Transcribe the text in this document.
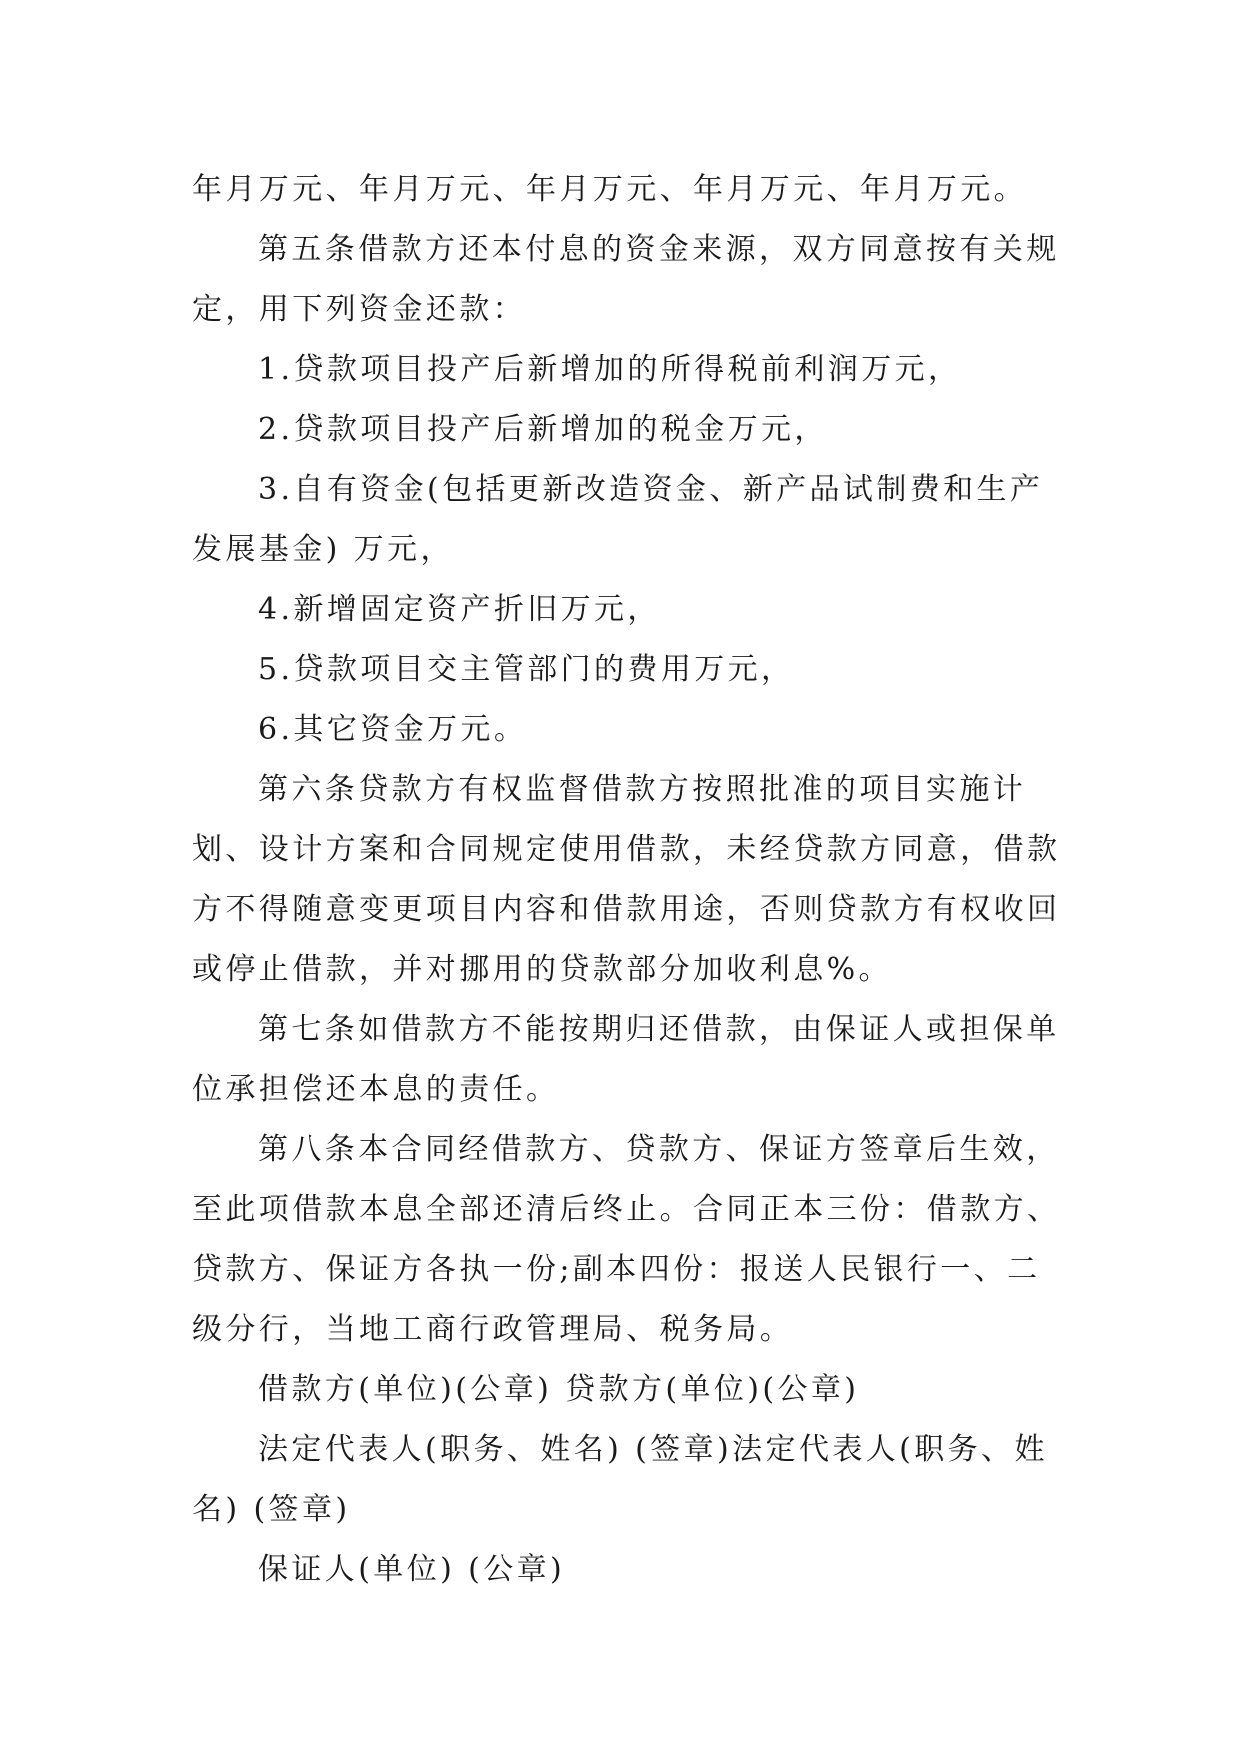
年月万元、年月万元、年月万元、年月万元、年月万元。

第五条借款方还本付息的资金来源，双方同意按有关规

定，用下列资金还款：

1.贷款项目投产后新增加的所得税前利润万元，

2.贷款项目投产后新增加的税金万元，

3.自有资金(包括更新改造资金、新产品试制费和生产

发展基金) 万元，

4.新增固定资产折旧万元，

5.贷款项目交主管部门的费用万元，

6.其它资金万元。

第六条贷款方有权监督借款方按照批准的项目实施计

划、设计方案和合同规定使用借款，未经贷款方同意，借款

方不得随意变更项目内容和借款用途，否则贷款方有权收回

或停止借款，并对挪用的贷款部分加收利息%。

第七条如借款方不能按期归还借款，由保证人或担保单

位承担偿还本息的责任。

第八条本合同经借款方、贷款方、保证方签章后生效，

至此项借款本息全部还清后终止。合同正本三份：借款方、

贷款方、保证方各执一份;副本四份：报送人民银行一、二

级分行，当地工商行政管理局、税务局。

借款方(单位)(公章) 贷款方(单位)(公章)

法定代表人(职务、姓名) (签章)法定代表人(职务、姓

名) (签章)

保证人(单位) (公章)
